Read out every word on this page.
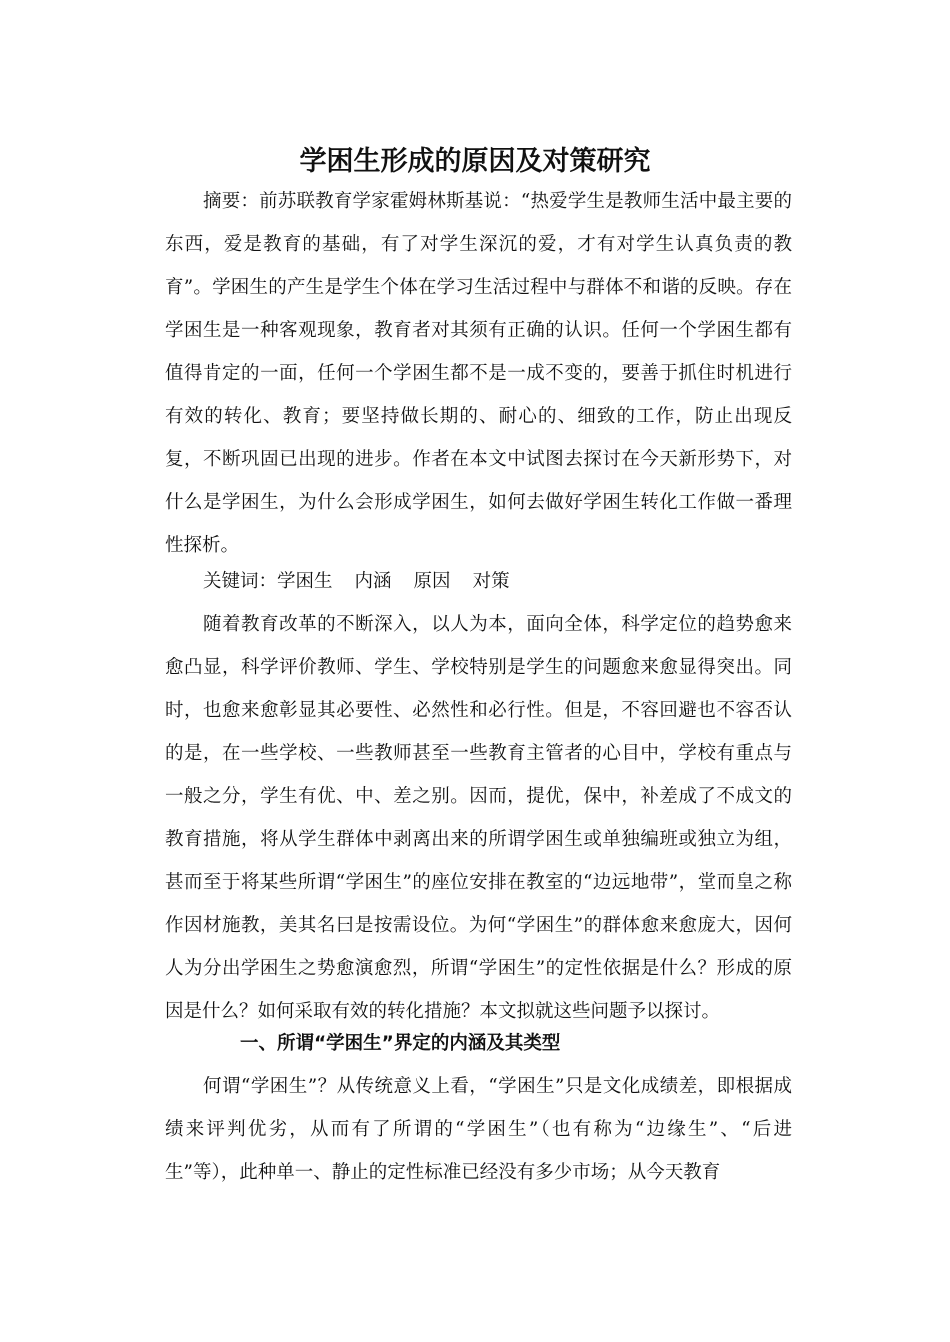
学困生形成的原因及对策研究

摘要：前苏联教育学家霍姆林斯基说：“热爱学生是教师生活中最主要的东西，爱是教育的基础，有了对学生深沉的爱，才有对学生认真负责的教育”。学困生的产生是学生个体在学习生活过程中与群体不和谐的反映。存在学困生是一种客观现象，教育者对其须有正确的认识。任何一个学困生都有值得肯定的一面，任何一个学困生都不是一成不变的，要善于抓住时机进行有效的转化、教育；要坚持做长期的、耐心的、细致的工作，防止出现反复，不断巩固已出现的进步。作者在本文中试图去探讨在今天新形势下，对什么是学困生，为什么会形成学困生，如何去做好学困生转化工作做一番理性探析。

关键词：学困生 内涵 原因 对策

随着教育改革的不断深入，以人为本，面向全体，科学定位的趋势愈来愈凸显，科学评价教师、学生、学校特别是学生的问题愈来愈显得突出。同时，也愈来愈彰显其必要性、必然性和必行性。但是，不容回避也不容否认的是，在一些学校、一些教师甚至一些教育主管者的心目中，学校有重点与一般之分，学生有优、中、差之别。因而，提优，保中，补差成了不成文的教育措施，将从学生群体中剥离出来的所谓学困生或单独编班或独立为组，甚而至于将某些所谓“学困生”的座位安排在教室的“边远地带”，堂而皇之称作因材施教，美其名曰是按需设位。为何“学困生”的群体愈来愈庞大，因何人为分出学困生之势愈演愈烈，所谓“学困生”的定性依据是什么？形成的原因是什么？如何采取有效的转化措施？本文拟就这些问题予以探讨。

一、所谓“学困生”界定的内涵及其类型

何谓“学困生”？从传统意义上看，“学困生”只是文化成绩差，即根据成绩来评判优劣，从而有了所谓的“学困生”（也有称为“边缘生”、“后进生”等），此种单一、静止的定性标准已经没有多少市场；从今天教育
